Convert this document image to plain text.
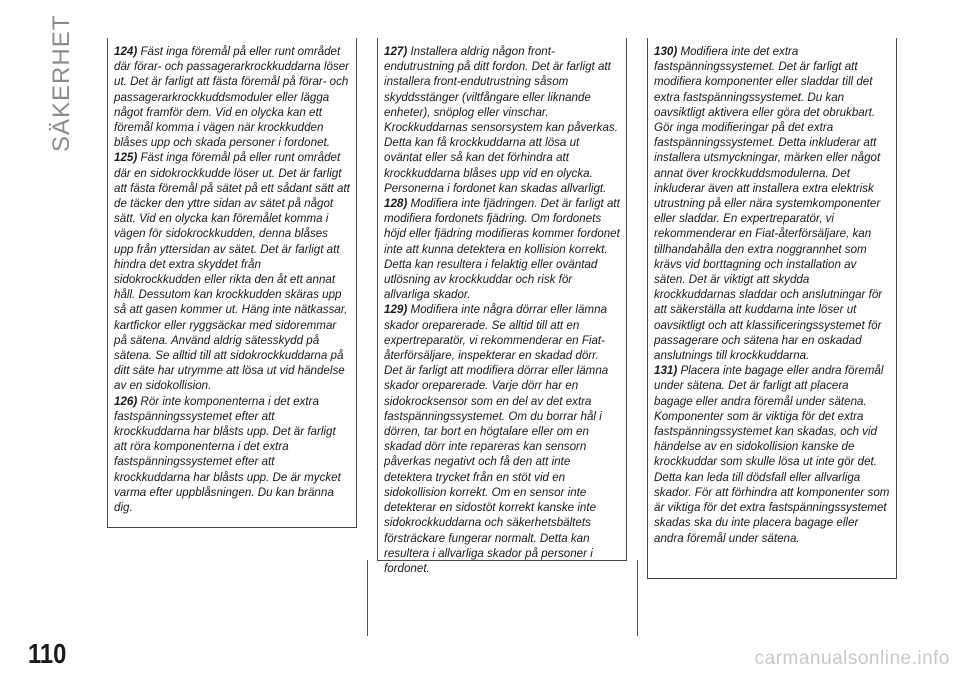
SÄKERHET	124) Fäst inga föremål på eller runt området där förar- och passagerarkrockkuddarna löser ut. Det är farligt att fästa föremål på förar- och passagerarkrockkuddsmoduler eller lägga något framför dem. Vid en olycka kan ett föremål komma i vägen när krockkudden blåses upp och skada personer i fordonet.

125) Fäst inga föremål på eller runt området där en sidokrockkudde löser ut. Det är farligt att fästa föremål på sätet på ett sådant sätt att de täcker den yttre sidan av sätet på något sätt. Vid en olycka kan föremålet komma i vägen för sidokrockkudden, denna blåses upp från yttersidan av sätet. Det är farligt att hindra det extra skyddet från sidokrockkudden eller rikta den åt ett annat håll. Dessutom kan krockkudden skäras upp så att gasen kommer ut. Häng inte nätkassar, kartfickor eller ryggsäckar med sidoremmar på sätena. Använd aldrig sätesskydd på sätena. Se alltid till att sidokrockkuddarna på ditt säte har utrymme att lösa ut vid händelse av en sidokollision.

126) Rör inte komponenterna i det extra fastspänningssystemet efter att krockkuddarna har blåsts upp. Det är farligt att röra komponenterna i det extra fastspänningssystemet efter att krockkuddarna har blåsts upp. De är mycket varma efter uppblåsningen. Du kan bränna dig.

127) Installera aldrig någon front-endutrustning på ditt fordon. Det är farligt att installera front-endutrustning såsom skyddsstänger (viltfångare eller liknande enheter), snöplog eller vinschar. Krockkuddarnas sensorsystem kan påverkas. Detta kan få krockkuddarna att lösa ut oväntat eller så kan det förhindra att krockkuddarna blåses upp vid en olycka. Personerna i fordonet kan skadas allvarligt.

128) Modifiera inte fjädringen. Det är farligt att modifiera fordonets fjädring. Om fordonets höjd eller fjädring modifieras kommer fordonet inte att kunna detektera en kollision korrekt. Detta kan resultera i felaktig eller oväntad utlösning av krockkuddar och risk för allvarliga skador.

129) Modifiera inte några dörrar eller lämna skador oreparerade. Se alltid till att en expertreparatör, vi rekommenderar en Fiat-återförsäljare, inspekterar en skadad dörr. Det är farligt att modifiera dörrar eller lämna skador oreparerade. Varje dörr har en sidokrocksensor som en del av det extra fastspänningssystemet. Om du borrar hål i dörren, tar bort en högtalare eller om en skadad dörr inte repareras kan sensorn påverkas negativt och få den att inte detektera trycket från en stöt vid en sidokollision korrekt. Om en sensor inte detekterar en sidostöt korrekt kanske inte sidokrockkuddarna och säkerhetsbältets försträckare fungerar normalt. Detta kan resultera i allvarliga skador på personer i fordonet.

130) Modifiera inte det extra fastspänningssystemet. Det är farligt att modifiera komponenter eller sladdar till det extra fastspänningssystemet. Du kan oavsiktligt aktivera eller göra det obrukbart. Gör inga modifieringar på det extra fastspänningssystemet. Detta inkluderar att installera utsmyckningar, märken eller något annat över krockkuddsmodulerna. Det inkluderar även att installera extra elektrisk utrustning på eller nära systemkomponenter eller sladdar. En expertreparatör, vi rekommenderar en Fiat-återförsäljare, kan tillhandahålla den extra noggrannhet som krävs vid borttagning och installation av säten. Det är viktigt att skydda krockkuddarnas sladdar och anslutningar för att säkerställa att kuddarna inte löser ut oavsiktligt och att klassificeringssystemet för passagerare och sätena har en oskadad anslutnings till krockkuddarna.

131) Placera inte bagage eller andra föremål under sätena. Det är farligt att placera bagage eller andra föremål under sätena. Komponenter som är viktiga för det extra fastspänningssystemet kan skadas, och vid händelse av en sidokollision kanske de krockkuddar som skulle lösa ut inte gör det. Detta kan leda till dödsfall eller allvarliga skador. För att förhindra att komponenter som är viktiga för det extra fastspänningssystemet skadas ska du inte placera bagage eller andra föremål under sätena.

110	carmanualsonline.info
